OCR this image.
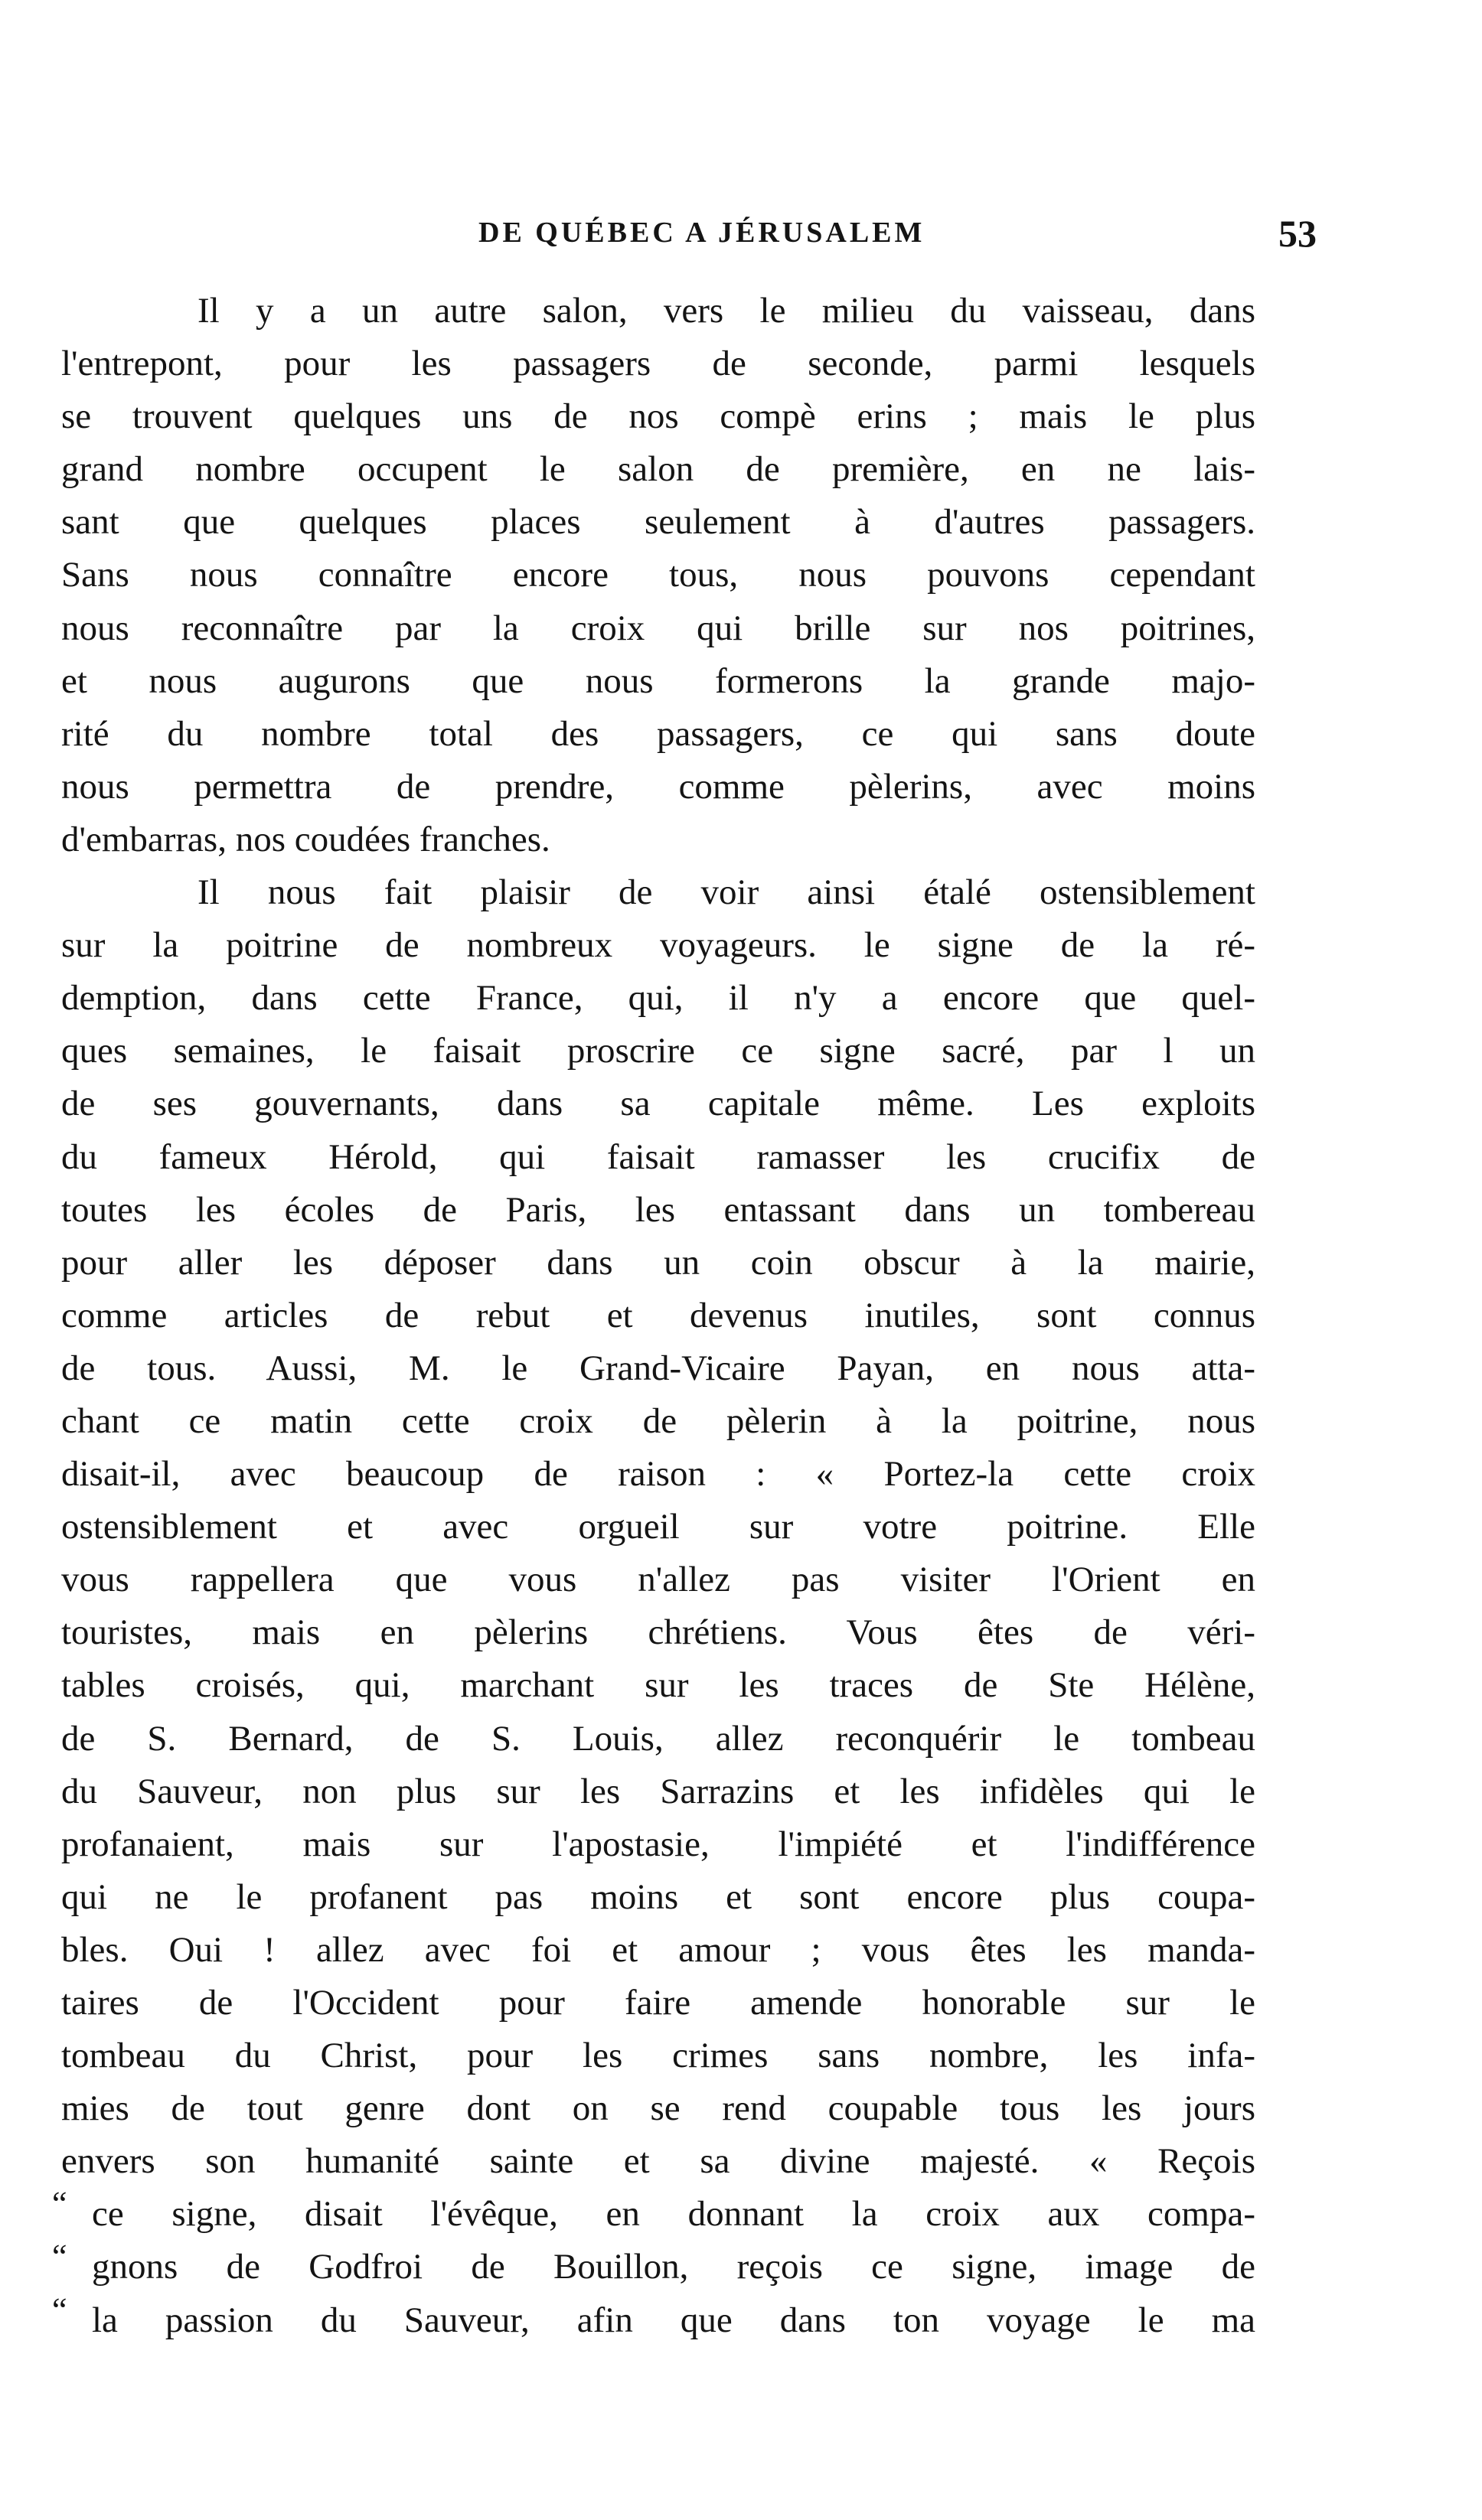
DE QUÉBEC A JÉRUSALEM	53
Il y a un autre salon, vers le milieu du vaisseau, dans
l'entrepont, pour les passagers de seconde, parmi lesquels
se trouvent quelques uns de nos compè erins ; mais le plus
grand nombre occupent le salon de première, en ne lais-
sant que quelques places seulement à d'autres passagers.
Sans nous connaître encore tous, nous pouvons cependant
nous reconnaître par la croix qui brille sur nos poitrines,
et nous augurons que nous formerons la grande majo-
rité du nombre total des passagers, ce qui sans doute
nous permettra de prendre, comme pèlerins, avec moins
d'embarras, nos coudées franches.
Il nous fait plaisir de voir ainsi étalé ostensiblement
sur la poitrine de nombreux voyageurs. le signe de la ré-
demption, dans cette France, qui, il n'y a encore que quel-
ques semaines, le faisait proscrire ce signe sacré, par l un
de ses gouvernants, dans sa capitale même. Les exploits
du fameux Hérold, qui faisait ramasser les crucifix de
toutes les écoles de Paris, les entassant dans un tombereau
pour aller les déposer dans un coin obscur à la mairie,
comme articles de rebut et devenus inutiles, sont connus
de tous. Aussi, M. le Grand-Vicaire Payan, en nous atta-
chant ce matin cette croix de pèlerin à la poitrine, nous
disait-il, avec beaucoup de raison : « Portez-la cette croix
ostensiblement et avec orgueil sur votre poitrine. Elle
vous rappellera que vous n'allez pas visiter l'Orient en
touristes, mais en pèlerins chrétiens. Vous êtes de véri-
tables croisés, qui, marchant sur les traces de Ste Hélène,
de S. Bernard, de S. Louis, allez reconquérir le tombeau
du Sauveur, non plus sur les Sarrazins et les infidèles qui le
profanaient, mais sur l'apostasie, l'impiété et l'indifférence
qui ne le profanent pas moins et sont encore plus coupa-
bles. Oui ! allez avec foi et amour ; vous êtes les manda-
taires de l'Occident pour faire amende honorable sur le
tombeau du Christ, pour les crimes sans nombre, les infa-
mies de tout genre dont on se rend coupable tous les jours
envers son humanité sainte et sa divine majesté. « Reçois
“ ce signe, disait l'évêque, en donnant la croix aux compa-
“ gnons de Godfroi de Bouillon, reçois ce signe, image de
“ la passion du Sauveur, afin que dans ton voyage le ma
